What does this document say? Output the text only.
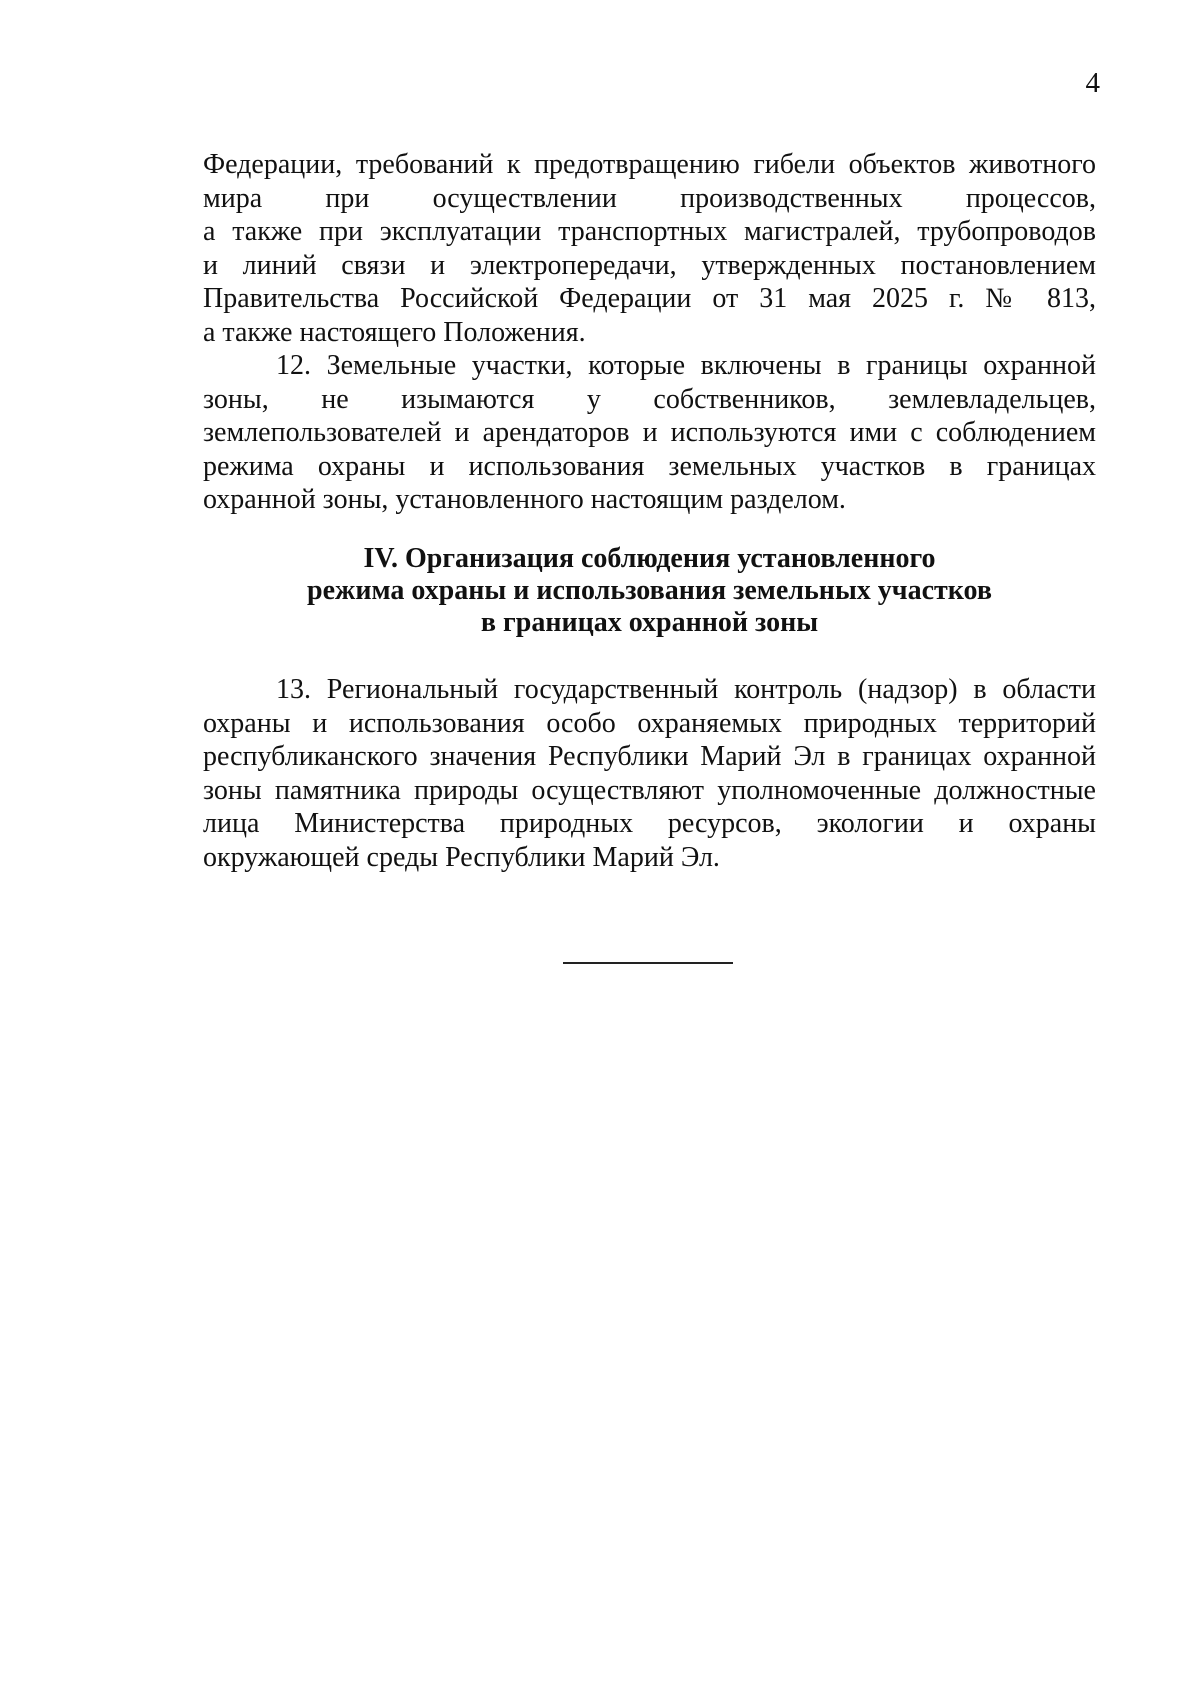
4
Федерации, требований к предотвращению гибели объектов животного
мира при осуществлении производственных процессов,
а также при эксплуатации транспортных магистралей, трубопроводов
и линий связи и электропередачи, утвержденных постановлением
Правительства Российской Федерации от 31 мая 2025 г. № 813,
а также настоящего Положения.
12. Земельные участки, которые включены в границы охранной
зоны, не изымаются у собственников, землевладельцев,
землепользователей и арендаторов и используются ими с соблюдением
режима охраны и использования земельных участков в границах
охранной зоны, установленного настоящим разделом.
IV. Организация соблюдения установленного
режима охраны и использования земельных участков
в границах охранной зоны
13. Региональный государственный контроль (надзор) в области
охраны и использования особо охраняемых природных территорий
республиканского значения Республики Марий Эл в границах охранной
зоны памятника природы осуществляют уполномоченные должностные
лица Министерства природных ресурсов, экологии и охраны
окружающей среды Республики Марий Эл.
